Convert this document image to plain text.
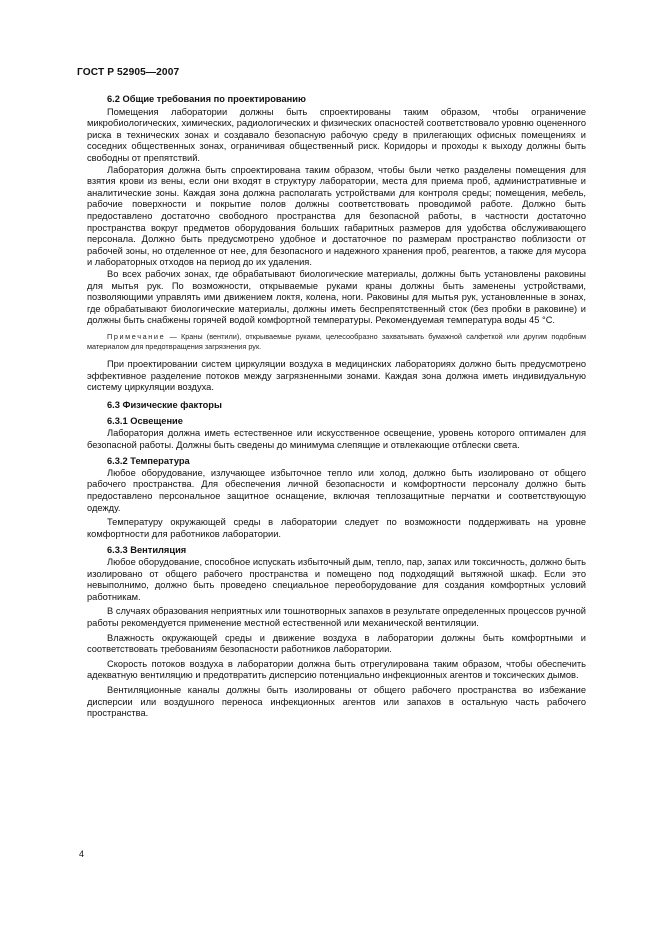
ГОСТ Р 52905—2007
6.2 Общие требования по проектированию

Помещения лаборатории должны быть спроектированы таким образом, чтобы ограничение микробиологических, химических, радиологических и физических опасностей соответствовало уровню оцененного риска в технических зонах и создавало безопасную рабочую среду в прилегающих офисных помещениях и соседних общественных зонах, ограничивая общественный риск. Коридоры и проходы к выходу должны быть свободны от препятствий.

Лаборатория должна быть спроектирована таким образом, чтобы были четко разделены помещения для взятия крови из вены, если они входят в структуру лаборатории, места для приема проб, административные и аналитические зоны. Каждая зона должна располагать устройствами для контроля среды; помещения, мебель, рабочие поверхности и покрытие полов должны соответствовать проводимой работе. Должно быть предоставлено достаточно свободного пространства для безопасной работы, в частности достаточно пространства вокруг предметов оборудования больших габаритных размеров для удобства обслуживающего персонала. Должно быть предусмотрено удобное и достаточное по размерам пространство поблизости от рабочей зоны, но отделенное от нее, для безопасного и надежного хранения проб, реагентов, а также для мусора и лабораторных отходов на период до их удаления.

Во всех рабочих зонах, где обрабатывают биологические материалы, должны быть установлены раковины для мытья рук. По возможности, открываемые руками краны должны быть заменены устройствами, позволяющими управлять ими движением локтя, колена, ноги. Раковины для мытья рук, установленные в зонах, где обрабатывают биологические материалы, должны иметь беспрепятственный сток (без пробки в раковине) и должны быть снабжены горячей водой комфортной температуры. Рекомендуемая температура воды 45 °С.

Примечание — Краны (вентили), открываемые руками, целесообразно захватывать бумажной салфеткой или другим подобным материалом для предотвращения загрязнения рук.

При проектировании систем циркуляции воздуха в медицинских лабораториях должно быть предусмотрено эффективное разделение потоков между загрязненными зонами. Каждая зона должна иметь индивидуальную систему циркуляции воздуха.

6.3 Физические факторы
6.3.1 Освещение

Лаборатория должна иметь естественное или искусственное освещение, уровень которого оптимален для безопасной работы. Должны быть сведены до минимума слепящие и отвлекающие отблески света.

6.3.2 Температура

Любое оборудование, излучающее избыточное тепло или холод, должно быть изолировано от общего рабочего пространства. Для обеспечения личной безопасности и комфортности персоналу должно быть предоставлено персональное защитное оснащение, включая теплозащитные перчатки и соответствующую одежду.

Температуру окружающей среды в лаборатории следует по возможности поддерживать на уровне комфортности для работников лаборатории.

6.3.3 Вентиляция

Любое оборудование, способное испускать избыточный дым, тепло, пар, запах или токсичность, должно быть изолировано от общего рабочего пространства и помещено под подходящий вытяжной шкаф. Если это невыполнимо, должно быть проведено специальное переоборудование для создания комфортных условий работникам.

В случаях образования неприятных или тошнотворных запахов в результате определенных процессов ручной работы рекомендуется применение местной естественной или механической вентиляции.

Влажность окружающей среды и движение воздуха в лаборатории должны быть комфортными и соответствовать требованиям безопасности работников лаборатории.

Скорость потоков воздуха в лаборатории должна быть отрегулирована таким образом, чтобы обеспечить адекватную вентиляцию и предотвратить дисперсию потенциально инфекционных агентов и токсических дымов.

Вентиляционные каналы должны быть изолированы от общего рабочего пространства во избежание дисперсии или воздушного переноса инфекционных агентов или запахов в остальную часть рабочего пространства.

4
